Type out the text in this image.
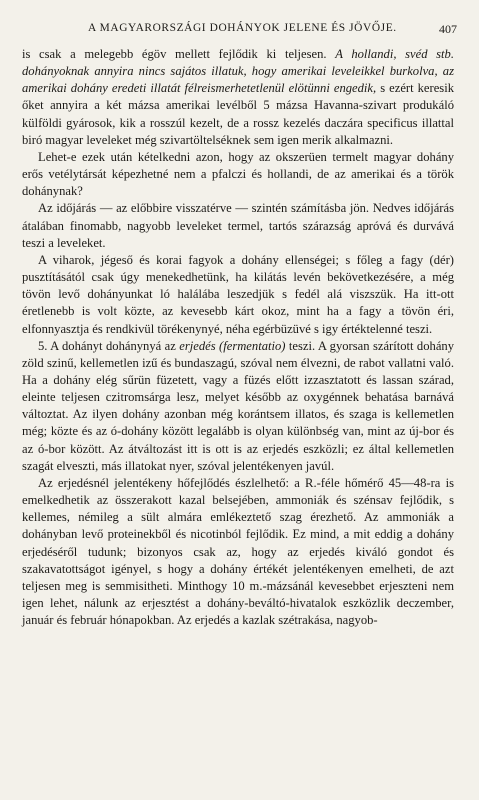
A MAGYARORSZÁGI DOHÁNYOK JELENE ÉS JÖVŐJE.	407

is csak a melegebb égöv mellett fejlődik ki teljesen. A hollandi, svéd stb. dohányoknak annyira nincs sajátos illatuk, hogy amerikai leveleikkel burkolva, az amerikai dohány eredeti illatát félreismerhetetlenül elötünni engedik, s ezért keresik őket annyira a két mázsa amerikai levélből 5 mázsa Havanna-szivart produkáló külföldi gyárosok, kik a rosszúl kezelt, de a rossz kezelés daczára specificus illattal biró magyar leveleket még szivartöltelséknek sem igen merik alkalmazni.

Lehet-e ezek után kételkedni azon, hogy az okszerüen termelt magyar dohány erős vetélytársát képezhetné nem a pfalczi és hollandi, de az amerikai és a török dohánynak?

Az időjárás — az előbbire visszatérve — szintén számításba jön. Nedves időjárás átalában finomabb, nagyobb leveleket termel, tartós szárazság apróvá és durvává teszi a leveleket.

A viharok, jégeső és korai fagyok a dohány ellenségei; s főleg a fagy (dér) pusztításától csak úgy menekedhetünk, ha kilátás levén bekövetkezésére, a még tövön levő dohányunkat ló halálába leszedjük s fedél alá viszszük. Ha itt-ott éretlenebb is volt közte, az kevesebb kárt okoz, mint ha a fagy a tövön éri, elfonnyasztja és rendkivül törékenynyé, néha egérbüzüvé s igy értéktelenné teszi.

5. A dohányt dohánynyá az erjedés (fermentatio) teszi. A gyorsan szárított dohány zöld szinű, kellemetlen izű és bundaszagú, szóval nem élvezni, de rabot vallatni való. Ha a dohány elég sűrün füzetett, vagy a füzés előtt izzasztatott és lassan szárad, eleinte teljesen czitromsárga lesz, melyet később az oxygénnek behatása barnává változtat. Az ilyen dohány azonban még korántsem illatos, és szaga is kellemetlen még; közte és az ó-dohány között legalább is olyan különbség van, mint az új-bor és az ó-bor között. Az átváltozást itt is ott is az erjedés eszközli; ez által kellemetlen szagát elveszti, más illatokat nyer, szóval jelentékenyen javúl.

Az erjedésnél jelentékeny hőfejlődés észlelhető: a R.-féle hőmérő 45—48-ra is emelkedhetik az összerakott kazal belsejében, ammoniák és szénsav fejlődik, s kellemes, némileg a sült almára emlékeztető szag érezhető. Az ammoniák a dohányban levő proteinekből és nicotinból fejlődik. Ez mind, a mit eddig a dohány erjedéséről tudunk; bizonyos csak az, hogy az erjedés kiváló gondot és szakavatottságot igényel, s hogy a dohány értékét jelentékenyen emelheti, de azt teljesen meg is semmisitheti. Minthogy 10 m.-mázsánál kevesebbet erjeszteni nem igen lehet, nálunk az erjesztést a dohány-beváltó-hivatalok eszközlik deczember, január és február hónapokban. Az erjedés a kazlak szétrakása, nagyob-
